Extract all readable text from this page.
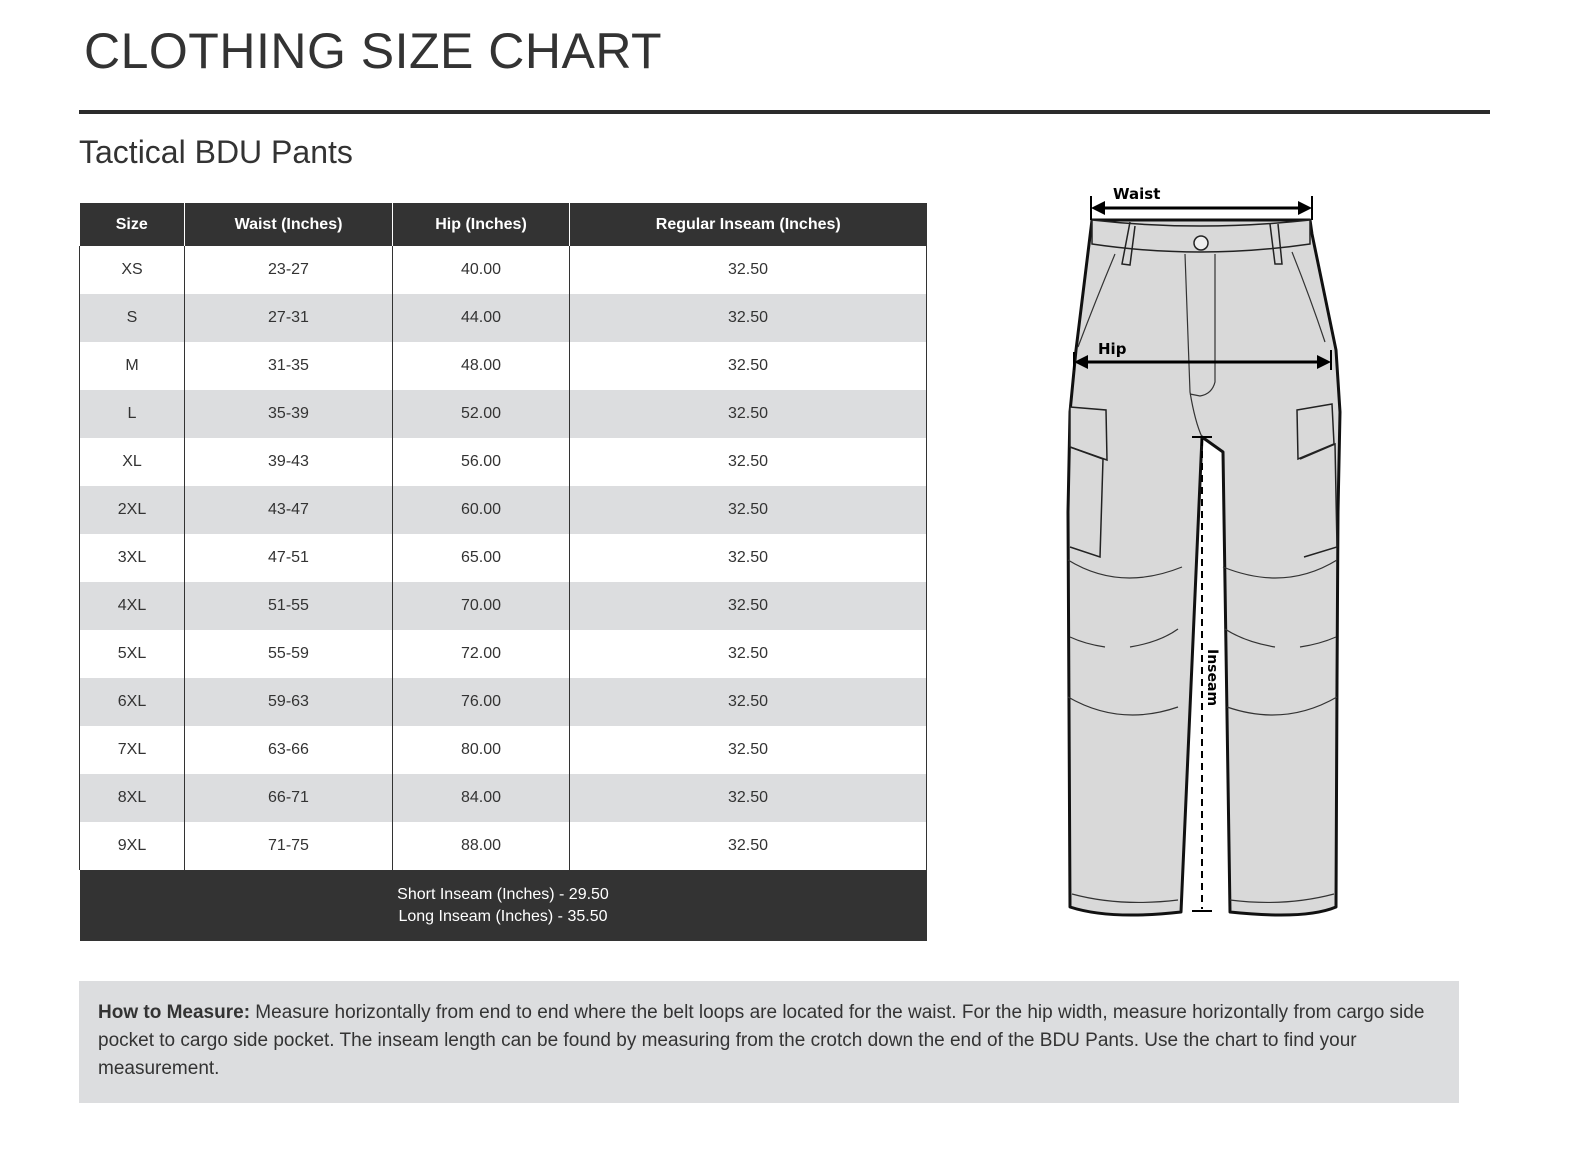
CLOTHING SIZE CHART
Tactical BDU Pants
Size	Waist (Inches)	Hip (Inches)	Regular Inseam (Inches)
XS	23-27	40.00	32.50
S	27-31	44.00	32.50
M	31-35	48.00	32.50
L	35-39	52.00	32.50
XL	39-43	56.00	32.50
2XL	43-47	60.00	32.50
3XL	47-51	65.00	32.50
4XL	51-55	70.00	32.50
5XL	55-59	72.00	32.50
6XL	59-63	76.00	32.50
7XL	63-66	80.00	32.50
8XL	66-71	84.00	32.50
9XL	71-75	88.00	32.50

Short Inseam (Inches) - 29.50
Long Inseam (Inches) - 35.50			
Waist
Hip
Inseam
How to Measure: Measure horizontally from end to end where the belt loops are located for the waist. For the hip width, measure horizontally from cargo side pocket to cargo side pocket. The inseam length can be found by measuring from the crotch down the end of the BDU Pants. Use the chart to find your measurement.
